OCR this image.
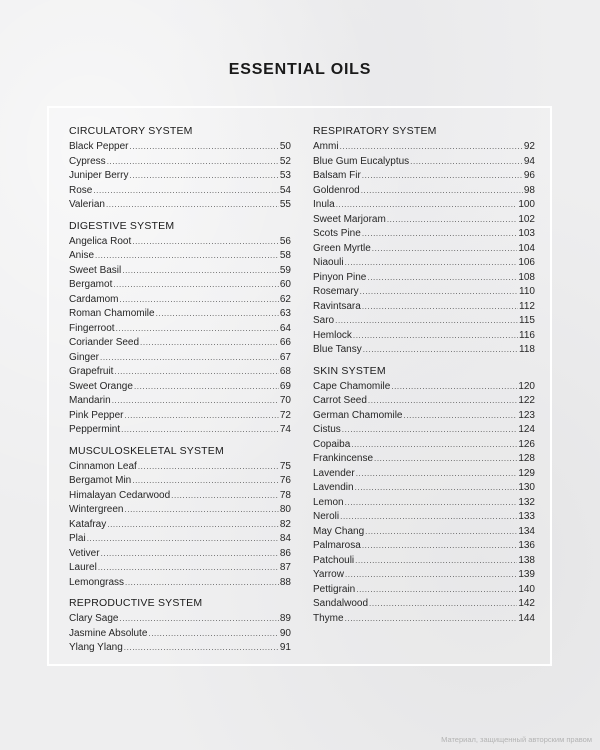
ESSENTIAL OILS
CIRCULATORY SYSTEM
Black Pepper .....	50
Cypress .....	52
Juniper Berry .....	53
Rose .....	54
Valerian .....	55
DIGESTIVE SYSTEM
Angelica Root .....	56
Anise .....	58
Sweet Basil .....	59
Bergamot .....	60
Cardamom .....	62
Roman Chamomile .....	63
Fingerroot .....	64
Coriander Seed .....	66
Ginger .....	67
Grapefruit .....	68
Sweet Orange .....	69
Mandarin .....	70
Pink Pepper .....	72
Peppermint .....	74
MUSCULOSKELETAL SYSTEM
Cinnamon Leaf .....	75
Bergamot Min .....	76
Himalayan Cedarwood .....	78
Wintergreen .....	80
Katafray .....	82
Plai .....	84
Vetiver .....	86
Laurel .....	87
Lemongrass .....	88
REPRODUCTIVE SYSTEM
Clary Sage .....	89
Jasmine Absolute .....	90
Ylang Ylang .....	91
RESPIRATORY SYSTEM
Ammi .....	92
Blue Gum Eucalyptus .....	94
Balsam Fir .....	96
Goldenrod .....	98
Inula .....	100
Sweet Marjoram .....	102
Scots Pine .....	103
Green Myrtle .....	104
Niaouli .....	106
Pinyon Pine .....	108
Rosemary .....	110
Ravintsara .....	112
Saro .....	115
Hemlock .....	116
Blue Tansy .....	118
SKIN SYSTEM
Cape Chamomile .....	120
Carrot Seed .....	122
German Chamomile .....	123
Cistus .....	124
Copaiba .....	126
Frankincense .....	128
Lavender .....	129
Lavendin .....	130
Lemon .....	132
Neroli .....	133
May Chang .....	134
Palmarosa .....	136
Patchouli .....	138
Yarrow .....	139
Pettigrain .....	140
Sandalwood .....	142
Thyme .....	144
Материал, защищенный авторским правом
